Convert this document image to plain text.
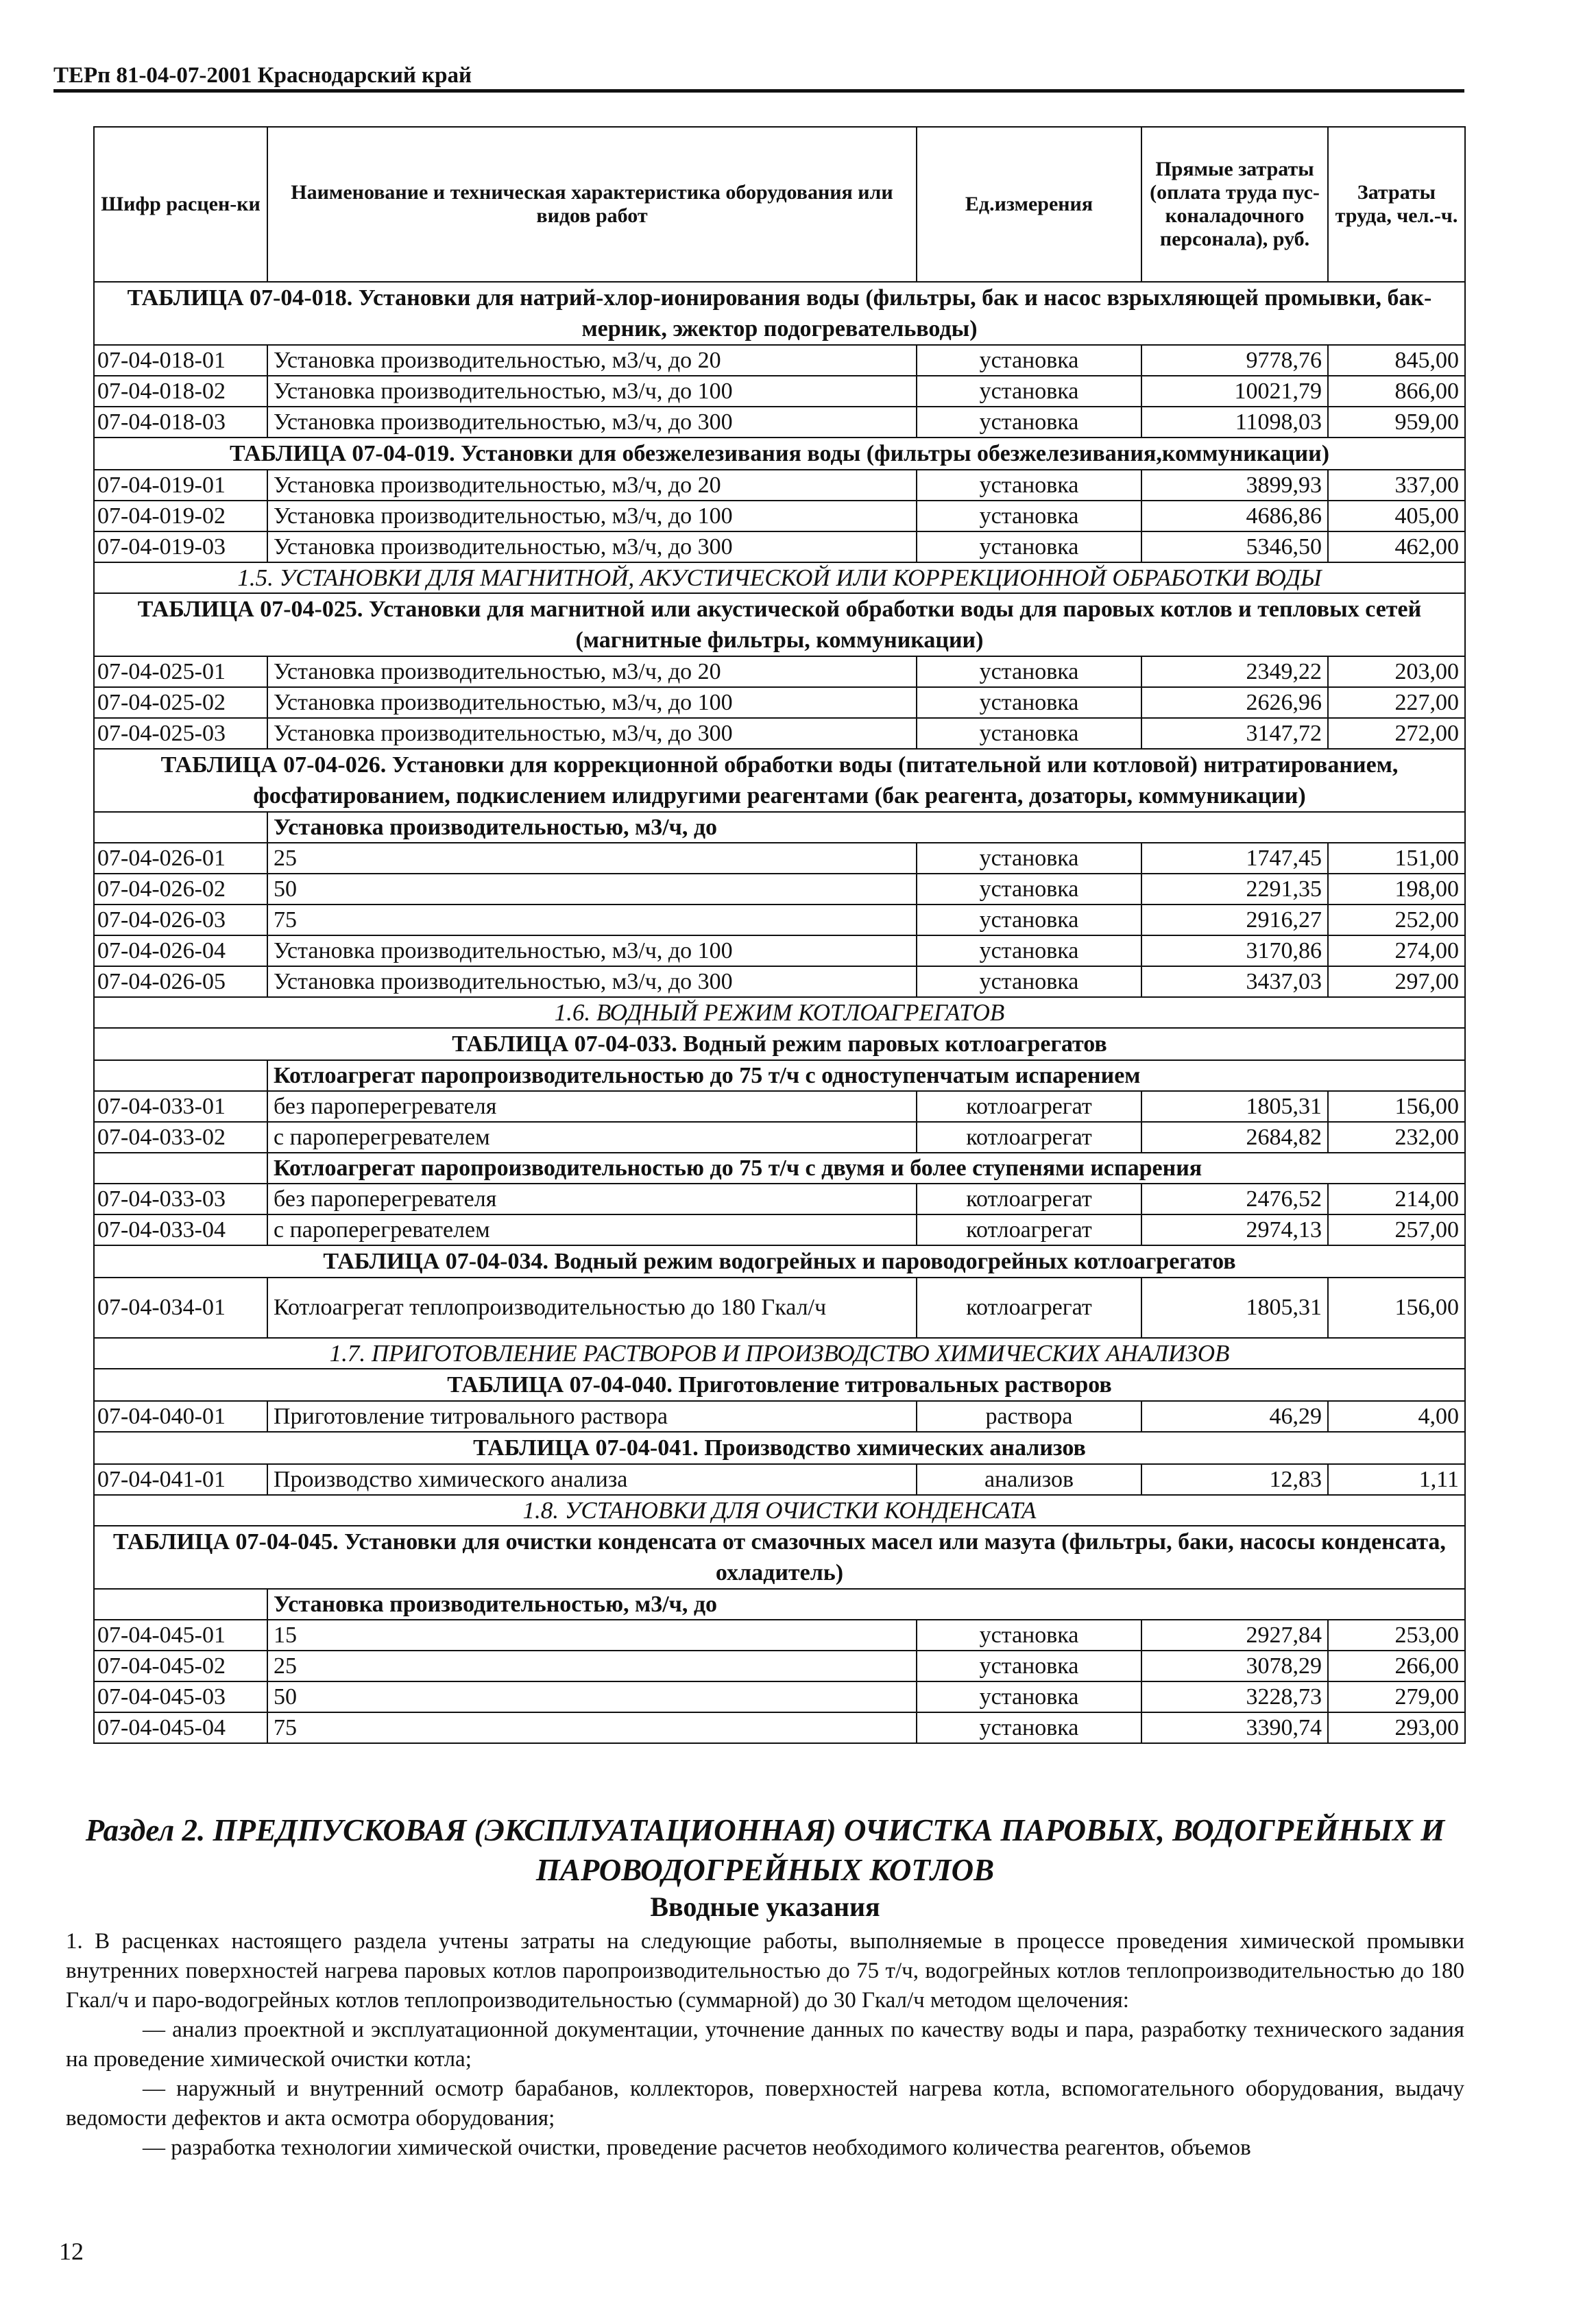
ТЕРп 81-04-07-2001 Краснодарский край
Шифр расцен-ки	Наименование и техническая характеристика оборудования или видов работ	Ед.измерения	Прямые затраты (оплата труда пус-коналадочного персонала), руб.	Затраты труда, чел.-ч.
ТАБЛИЦА 07-04-018. Установки для натрий-хлор-ионирования воды (фильтры, бак и насос взрыхляющей промывки, бак-мерник, эжектор подогревательводы)				
07-04-018-01	Установка производительностью, м3/ч, до 20	установка	9778,76	845,00
07-04-018-02	Установка производительностью, м3/ч, до 100	установка	10021,79	866,00
07-04-018-03	Установка производительностью, м3/ч, до 300	установка	11098,03	959,00
ТАБЛИЦА 07-04-019. Установки для обезжелезивания воды (фильтры обезжелезивания,коммуникации)				
07-04-019-01	Установка производительностью, м3/ч, до 20	установка	3899,93	337,00
07-04-019-02	Установка производительностью, м3/ч, до 100	установка	4686,86	405,00
07-04-019-03	Установка производительностью, м3/ч, до 300	установка	5346,50	462,00
1.5. УСТАНОВКИ ДЛЯ МАГНИТНОЙ, АКУСТИЧЕСКОЙ ИЛИ КОРРЕКЦИОННОЙ ОБРАБОТКИ ВОДЫ				
ТАБЛИЦА 07-04-025. Установки для магнитной или акустической обработки воды для паровых котлов и тепловых сетей (магнитные фильтры, коммуникации)				
07-04-025-01	Установка производительностью, м3/ч, до 20	установка	2349,22	203,00
07-04-025-02	Установка производительностью, м3/ч, до 100	установка	2626,96	227,00
07-04-025-03	Установка производительностью, м3/ч, до 300	установка	3147,72	272,00
ТАБЛИЦА 07-04-026. Установки для коррекционной обработки воды (питательной или котловой) нитратированием, фосфатированием, подкислением илидругими реагентами (бак реагента, дозаторы, коммуникации)				
	Установка производительностью, м3/ч, до			
07-04-026-01	25	установка	1747,45	151,00
07-04-026-02	50	установка	2291,35	198,00
07-04-026-03	75	установка	2916,27	252,00
07-04-026-04	Установка производительностью, м3/ч, до 100	установка	3170,86	274,00
07-04-026-05	Установка производительностью, м3/ч, до 300	установка	3437,03	297,00
1.6. ВОДНЫЙ РЕЖИМ КОТЛОАГРЕГАТОВ				
ТАБЛИЦА 07-04-033. Водный режим паровых котлоагрегатов				
	Котлоагрегат паропроизводительностью до 75 т/ч с одноступенчатым испарением			
07-04-033-01	без пароперегревателя	котлоагрегат	1805,31	156,00
07-04-033-02	с пароперегревателем	котлоагрегат	2684,82	232,00
	Котлоагрегат паропроизводительностью до 75 т/ч с двумя и более ступенями испарения			
07-04-033-03	без пароперегревателя	котлоагрегат	2476,52	214,00
07-04-033-04	с пароперегревателем	котлоагрегат	2974,13	257,00
ТАБЛИЦА 07-04-034. Водный режим водогрейных и пароводогрейных котлоагрегатов				
07-04-034-01	Котлоагрегат теплопроизводительностью до 180 Гкал/ч	котлоагрегат	1805,31	156,00
1.7. ПРИГОТОВЛЕНИЕ РАСТВОРОВ И ПРОИЗВОДСТВО ХИМИЧЕСКИХ АНАЛИЗОВ				
ТАБЛИЦА 07-04-040. Приготовление титровальных растворов				
07-04-040-01	Приготовление титровального раствора	раствора	46,29	4,00
ТАБЛИЦА 07-04-041. Производство химических анализов				
07-04-041-01	Производство химического анализа	анализов	12,83	1,11
1.8. УСТАНОВКИ ДЛЯ ОЧИСТКИ КОНДЕНСАТА				
ТАБЛИЦА 07-04-045. Установки для очистки конденсата от смазочных масел или мазута (фильтры, баки, насосы конденсата, охладитель)				
	Установка производительностью, м3/ч, до			
07-04-045-01	15	установка	2927,84	253,00
07-04-045-02	25	установка	3078,29	266,00
07-04-045-03	50	установка	3228,73	279,00
07-04-045-04	75	установка	3390,74	293,00

Раздел 2. ПРЕДПУСКОВАЯ (ЭКСПЛУАТАЦИОННАЯ) ОЧИСТКА ПАРОВЫХ, ВОДОГРЕЙНЫХ И ПАРОВОДОГРЕЙНЫХ КОТЛОВ

Вводные указания

1. В расценках настоящего раздела учтены затраты на следующие работы, выполняемые в процессе проведения химической промывки внутренних поверхностей нагрева паровых котлов паропроизводительностью до 75 т/ч, водогрейных котлов теплопроизводительностью до 180 Гкал/ч и паро-водогрейных котлов теплопроизводительностью (суммарной) до 30 Гкал/ч методом щелочения:

— анализ проектной и эксплуатационной документации, уточнение данных по качеству воды и пара, разработку технического задания на проведение химической очистки котла;

— наружный и внутренний осмотр барабанов, коллекторов, поверхностей нагрева котла, вспомогательного оборудования, выдачу ведомости дефектов и акта осмотра оборудования;

— разработка технологии химической очистки, проведение расчетов необходимого количества реагентов, объемов

12
